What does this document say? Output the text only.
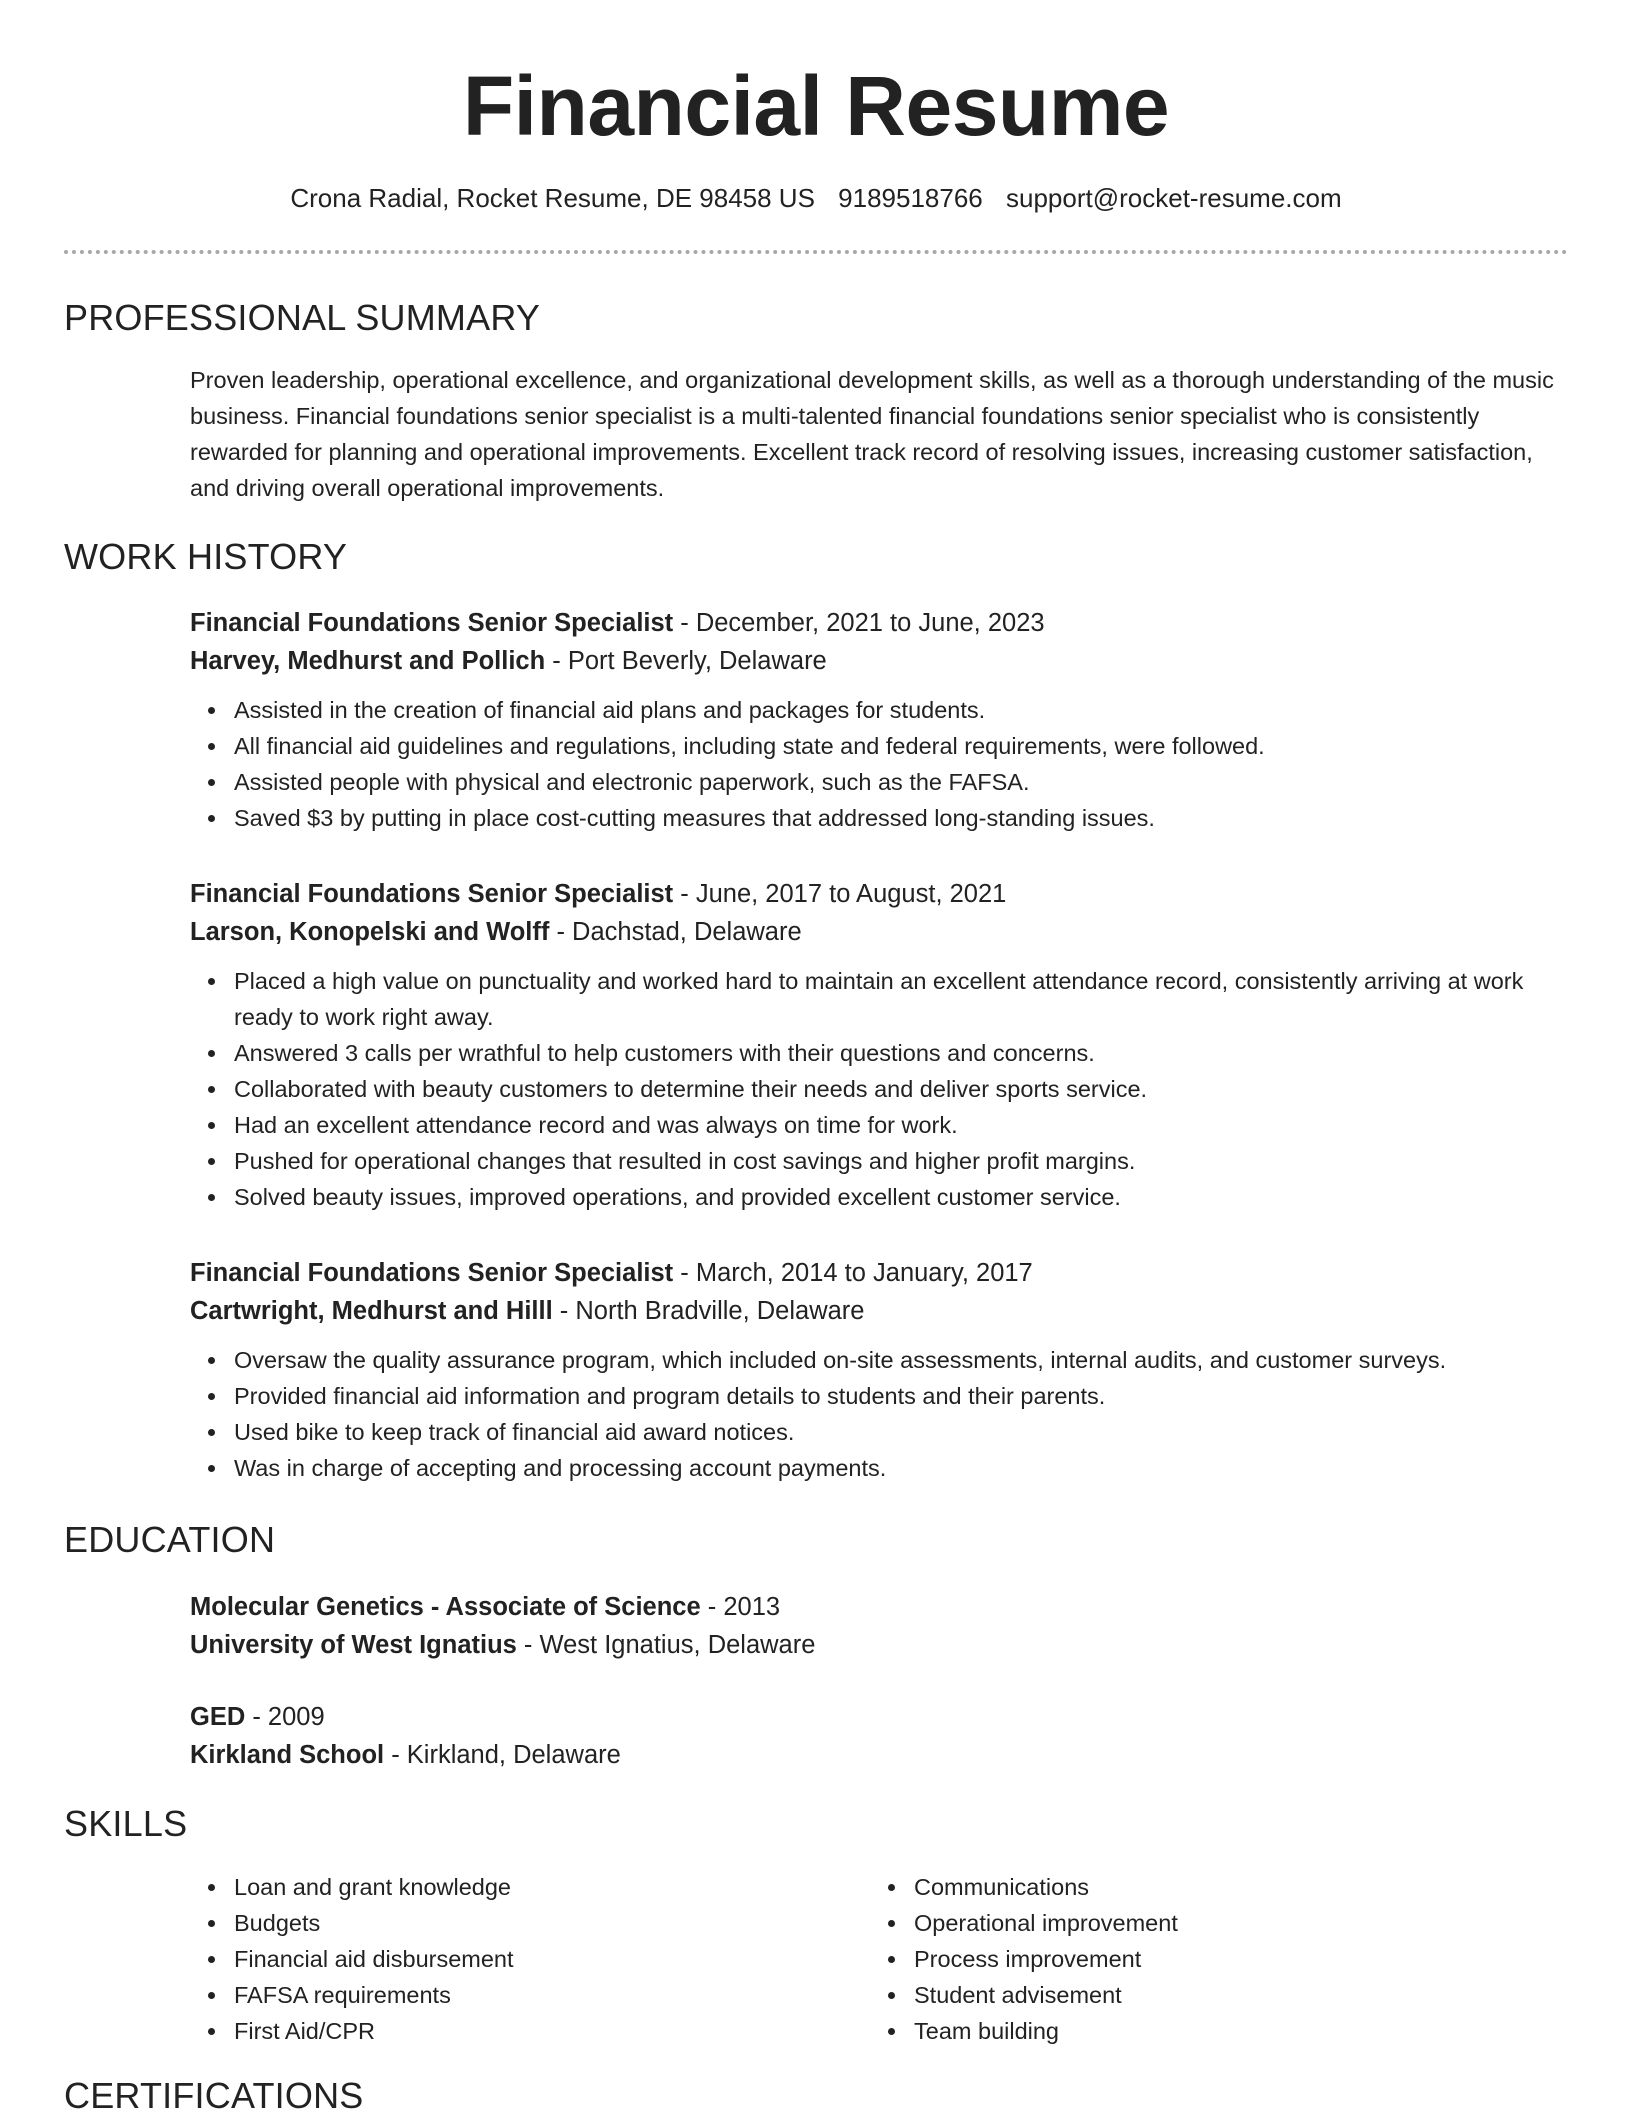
Financial Resume
Crona Radial, Rocket Resume, DE 98458 US 9189518766 support@rocket-resume.com
PROFESSIONAL SUMMARY

Proven leadership, operational excellence, and organizational development skills, as well as a thorough understanding of the music business. Financial foundations senior specialist is a multi-talented financial foundations senior specialist who is consistently rewarded for planning and operational improvements. Excellent track record of resolving issues, increasing customer satisfaction, and driving overall operational improvements.

WORK HISTORY
Financial Foundations Senior Specialist - December, 2021 to June, 2023
Harvey, Medhurst and Pollich - Port Beverly, Delaware
Assisted in the creation of financial aid plans and packages for students.
All financial aid guidelines and regulations, including state and federal requirements, were followed.
Assisted people with physical and electronic paperwork, such as the FAFSA.
Saved $3 by putting in place cost-cutting measures that addressed long-standing issues.
Financial Foundations Senior Specialist - June, 2017 to August, 2021
Larson, Konopelski and Wolff - Dachstad, Delaware
Placed a high value on punctuality and worked hard to maintain an excellent attendance record, consistently arriving at work ready to work right away.
Answered 3 calls per wrathful to help customers with their questions and concerns.
Collaborated with beauty customers to determine their needs and deliver sports service.
Had an excellent attendance record and was always on time for work.
Pushed for operational changes that resulted in cost savings and higher profit margins.
Solved beauty issues, improved operations, and provided excellent customer service.
Financial Foundations Senior Specialist - March, 2014 to January, 2017
Cartwright, Medhurst and Hilll - North Bradville, Delaware
Oversaw the quality assurance program, which included on-site assessments, internal audits, and customer surveys.
Provided financial aid information and program details to students and their parents.
Used bike to keep track of financial aid award notices.
Was in charge of accepting and processing account payments.
EDUCATION
Molecular Genetics - Associate of Science - 2013
University of West Ignatius - West Ignatius, Delaware
GED - 2009
Kirkland School - Kirkland, Delaware
SKILLS
Loan and grant knowledge
Budgets
Financial aid disbursement
FAFSA requirements
First Aid/CPR
Communications
Operational improvement
Process improvement
Student advisement
Team building
CERTIFICATIONS
